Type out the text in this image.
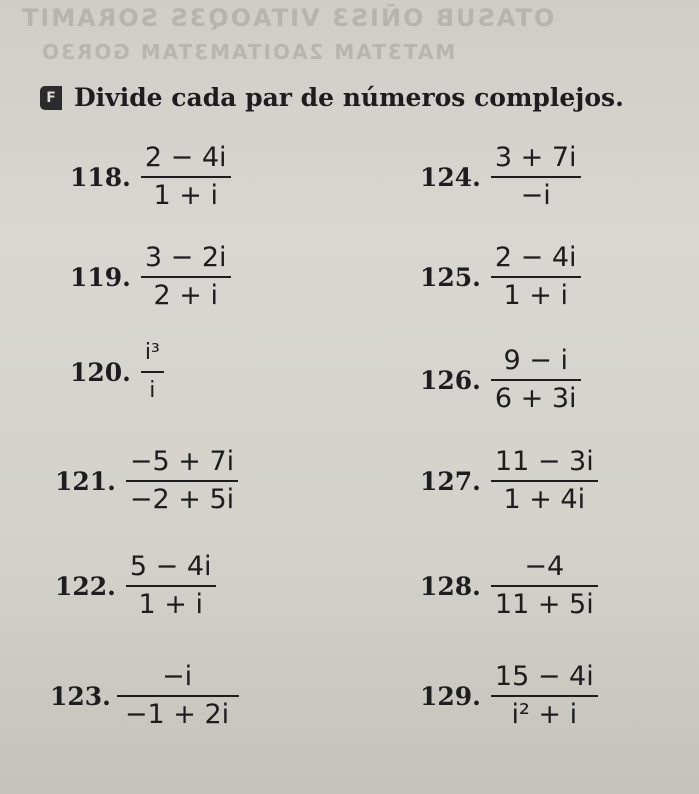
OTASUB OÑIS3 VITAOQ3S SORAMIT
MAT3TAM 2AOITAM3TAM GOR3O
F Divide cada par de números complejos.
118. $\frac{2 - 4i}{1 + i}$
119. $\frac{3 - 2i}{2 + i}$
120. $\frac{\text{i³}}{i}$
121. $\frac{-5 + 7i}{-2 + 5i}$
122. $\frac{5 - 4i}{1 + i}$
123. $\frac{-i}{-1 + 2i}$
124. $\frac{3 + 7i}{-i}$
125. $\frac{2 - 4i}{1 + i}$
126. $\frac{9 - i}{6 + 3i}$
127. $\frac{11 - 3i}{1 + 4i}$
128. $\frac{-4}{11 + 5i}$
129. $\frac{15 - 4i}{\text{i² + i}}$
